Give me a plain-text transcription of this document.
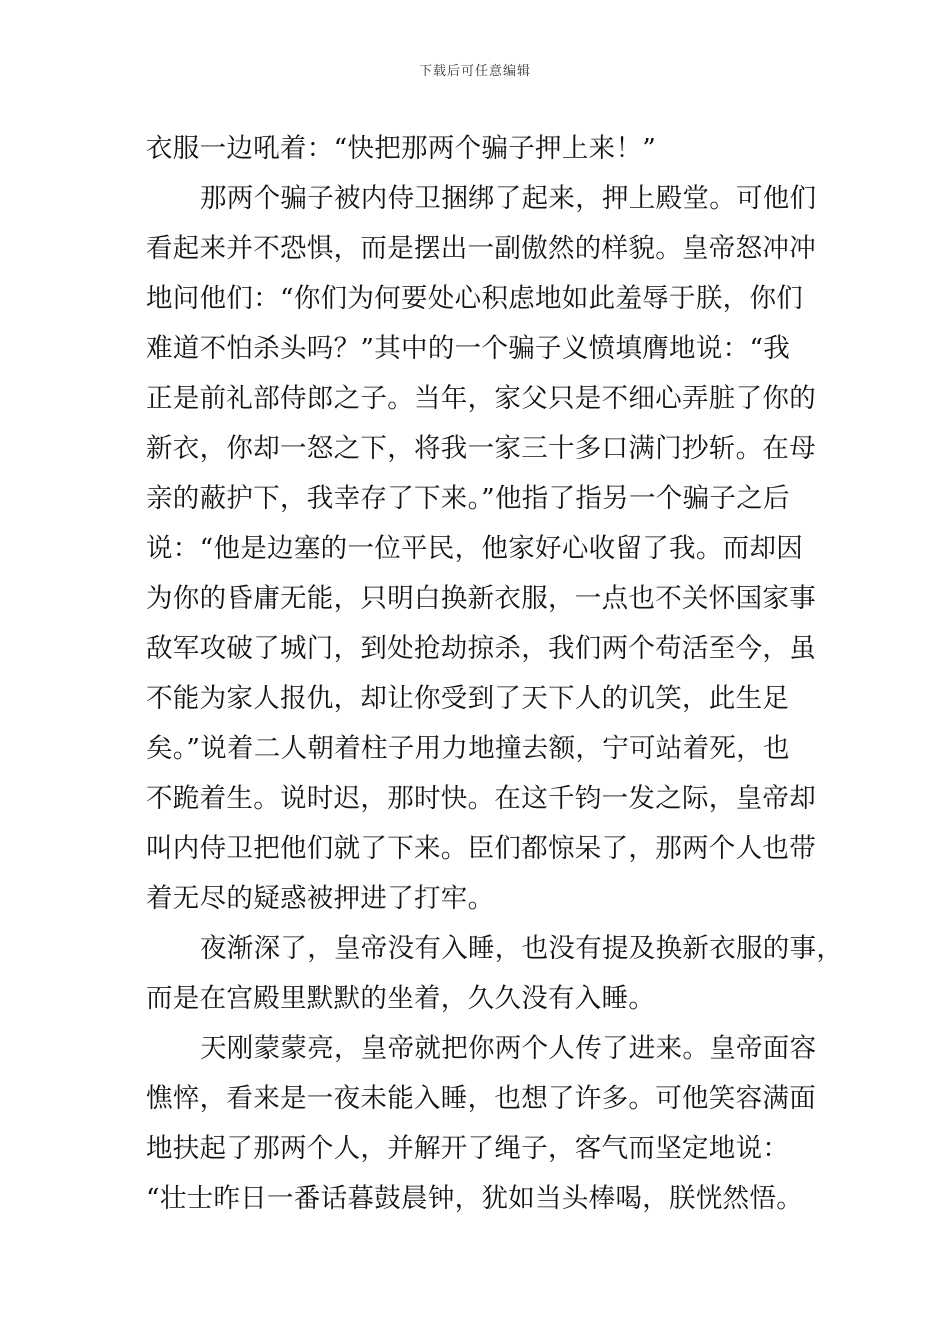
下载后可任意编辑
衣服一边吼着：“快把那两个骗子押上来！”
那两个骗子被内侍卫捆绑了起来，押上殿堂。可他们
看起来并不恐惧，而是摆出一副傲然的样貌。皇帝怒冲冲
地问他们：“你们为何要处心积虑地如此羞辱于朕，你们
难道不怕杀头吗？”其中的一个骗子义愤填膺地说：“我
正是前礼部侍郎之子。当年，家父只是不细心弄脏了你的
新衣，你却一怒之下，将我一家三十多口满门抄斩。在母
亲的蔽护下，我幸存了下来。”他指了指另一个骗子之后
说：“他是边塞的一位平民，他家好心收留了我。而却因
为你的昏庸无能，只明白换新衣服，一点也不关怀国家事
敌军攻破了城门，到处抢劫掠杀，我们两个苟活至今，虽
不能为家人报仇，却让你受到了天下人的讥笑，此生足
矣。”说着二人朝着柱子用力地撞去额，宁可站着死，也
不跪着生。说时迟，那时快。在这千钧一发之际，皇帝却
叫内侍卫把他们就了下来。臣们都惊呆了，那两个人也带
着无尽的疑惑被押进了打牢。
夜渐深了，皇帝没有入睡，也没有提及换新衣服的事，
而是在宫殿里默默的坐着，久久没有入睡。
天刚蒙蒙亮，皇帝就把你两个人传了进来。皇帝面容
憔悴，看来是一夜未能入睡，也想了许多。可他笑容满面
地扶起了那两个人，并解开了绳子，客气而坚定地说：
“壮士昨日一番话暮鼓晨钟，犹如当头棒喝，朕恍然悟。
